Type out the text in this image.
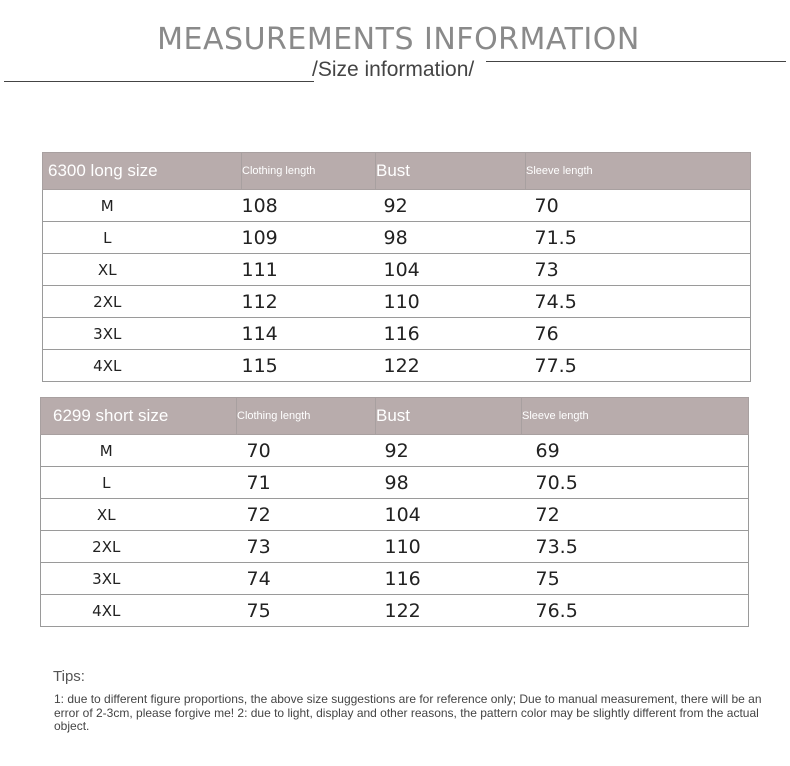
MEASUREMENTS INFORMATION
/Size information/
6300 long size	Clothing length	Bust	Sleeve length
M	108	92	70
L	109	98	71.5
XL	111	104	73
2XL	112	110	74.5
3XL	114	116	76
4XL	115	122	77.5
6299 short size	Clothing length	Bust	Sleeve length
M	70	92	69
L	71	98	70.5
XL	72	104	72
2XL	73	110	73.5
3XL	74	116	75
4XL	75	122	76.5
Tips:
1: due to different figure proportions, the above size suggestions are for reference only; Due to manual measurement, there will be an error of 2-3cm, please forgive me! 2: due to light, display and other reasons, the pattern color may be slightly different from the actual object.
